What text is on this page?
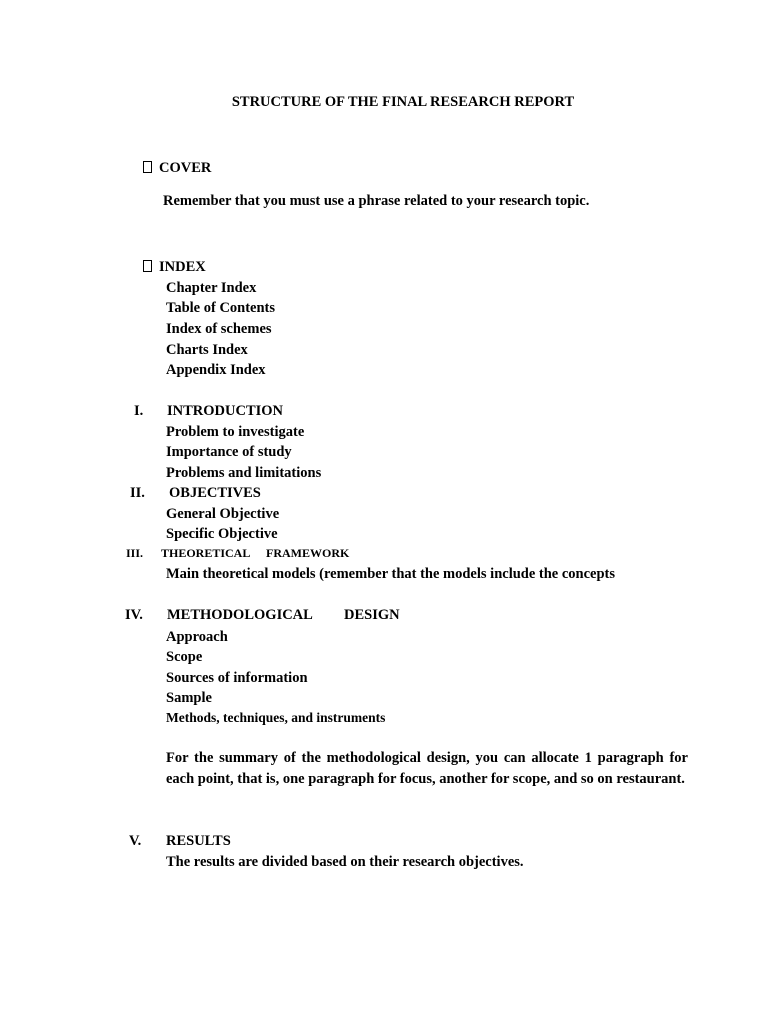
STRUCTURE OF THE FINAL RESEARCH REPORT
COVER
Remember that you must use a phrase related to your research topic.
INDEX
Chapter Index
Table of Contents
Index of schemes
Charts Index
Appendix Index
I. INTRODUCTION
Problem to investigate
Importance of study
Problems and limitations
II. OBJECTIVES
General Objective
Specific Objective
III. THEORETICAL FRAMEWORK
Main theoretical models (remember that the models include the concepts
IV. METHODOLOGICAL DESIGN
Approach
Scope
Sources of information
Sample
Methods, techniques, and instruments
For the summary of the methodological design, you can allocate 1 paragraph for each point, that is, one paragraph for focus, another for scope, and so on restaurant.
V. RESULTS
The results are divided based on their research objectives.
